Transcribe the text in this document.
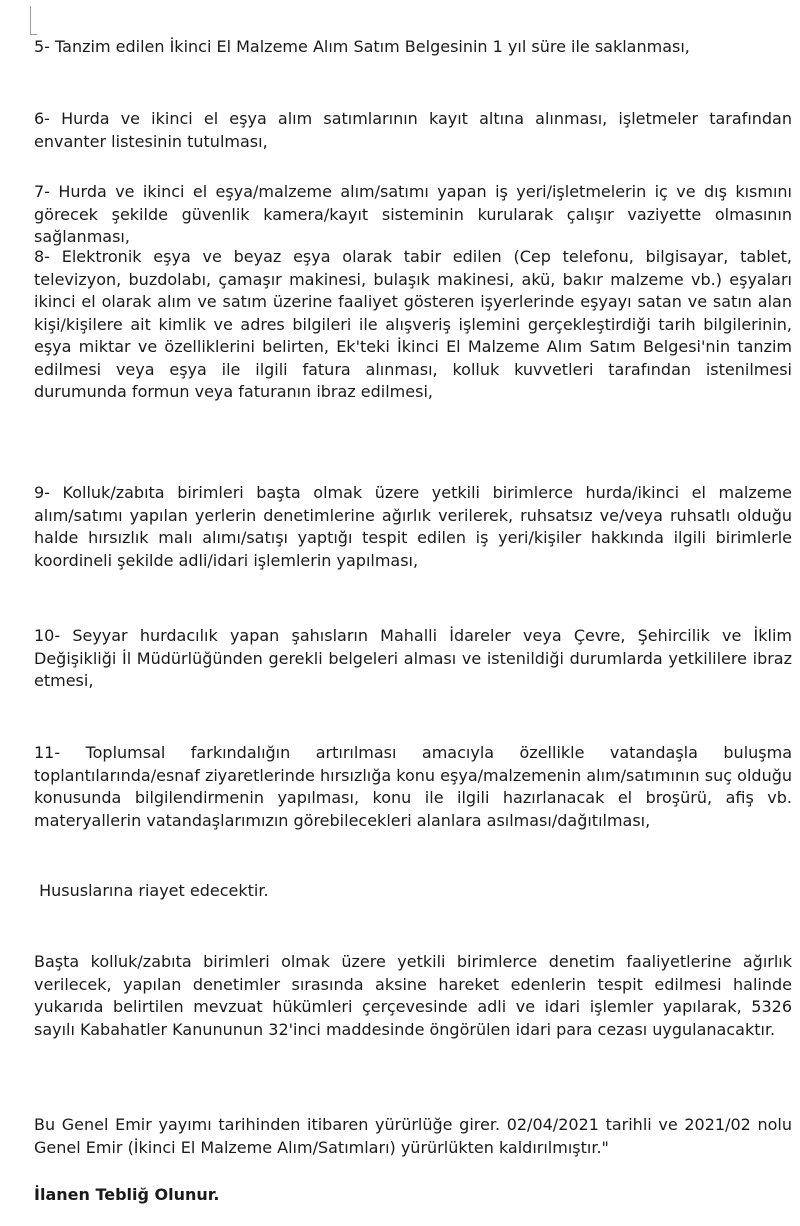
5- Tanzim edilen İkinci El Malzeme Alım Satım Belgesinin 1 yıl süre ile saklanması,

6- Hurda ve ikinci el eşya alım satımlarının kayıt altına alınması, işletmeler tarafından envanter listesinin tutulması,

7- Hurda ve ikinci el eşya/malzeme alım/satımı yapan iş yeri/işletmelerin iç ve dış kısmını görecek şekilde güvenlik kamera/kayıt sisteminin kurularak çalışır vaziyette olmasının sağlanması,

8- Elektronik eşya ve beyaz eşya olarak tabir edilen (Cep telefonu, bilgisayar, tablet, televizyon, buzdolabı, çamaşır makinesi, bulaşık makinesi, akü, bakır malzeme vb.) eşyaları ikinci el olarak alım ve satım üzerine faaliyet gösteren işyerlerinde eşyayı satan ve satın alan kişi/kişilere ait kimlik ve adres bilgileri ile alışveriş işlemini gerçekleştirdiği tarih bilgilerinin, eşya miktar ve özelliklerini belirten, Ek'teki İkinci El Malzeme Alım Satım Belgesi'nin tanzim edilmesi veya eşya ile ilgili fatura alınması, kolluk kuvvetleri tarafından istenilmesi durumunda formun veya faturanın ibraz edilmesi,

9- Kolluk/zabıta birimleri başta olmak üzere yetkili birimlerce hurda/ikinci el malzeme alım/satımı yapılan yerlerin denetimlerine ağırlık verilerek, ruhsatsız ve/veya ruhsatlı olduğu halde hırsızlık malı alımı/satışı yaptığı tespit edilen iş yeri/kişiler hakkında ilgili birimlerle koordineli şekilde adli/idari işlemlerin yapılması,

10- Seyyar hurdacılık yapan şahısların Mahalli İdareler veya Çevre, Şehircilik ve İklim Değişikliği İl Müdürlüğünden gerekli belgeleri alması ve istenildiği durumlarda yetkililere ibraz etmesi,

11- Toplumsal farkındalığın artırılması amacıyla özellikle vatandaşla buluşma toplantılarında/esnaf ziyaretlerinde hırsızlığa konu eşya/malzemenin alım/satımının suç olduğu konusunda bilgilendirmenin yapılması, konu ile ilgili hazırlanacak el broşürü, afiş vb. materyallerin vatandaşlarımızın görebilecekleri alanlara asılması/dağıtılması,

Hususlarına riayet edecektir.

Başta kolluk/zabıta birimleri olmak üzere yetkili birimlerce denetim faaliyetlerine ağırlık verilecek, yapılan denetimler sırasında aksine hareket edenlerin tespit edilmesi halinde yukarıda belirtilen mevzuat hükümleri çerçevesinde adli ve idari işlemler yapılarak, 5326 sayılı Kabahatler Kanununun 32'inci maddesinde öngörülen idari para cezası uygulanacaktır.

Bu Genel Emir yayımı tarihinden itibaren yürürlüğe girer. 02/04/2021 tarihli ve 2021/02 nolu Genel Emir (İkinci El Malzeme Alım/Satımları) yürürlükten kaldırılmıştır."

İlanen Tebliğ Olunur.
